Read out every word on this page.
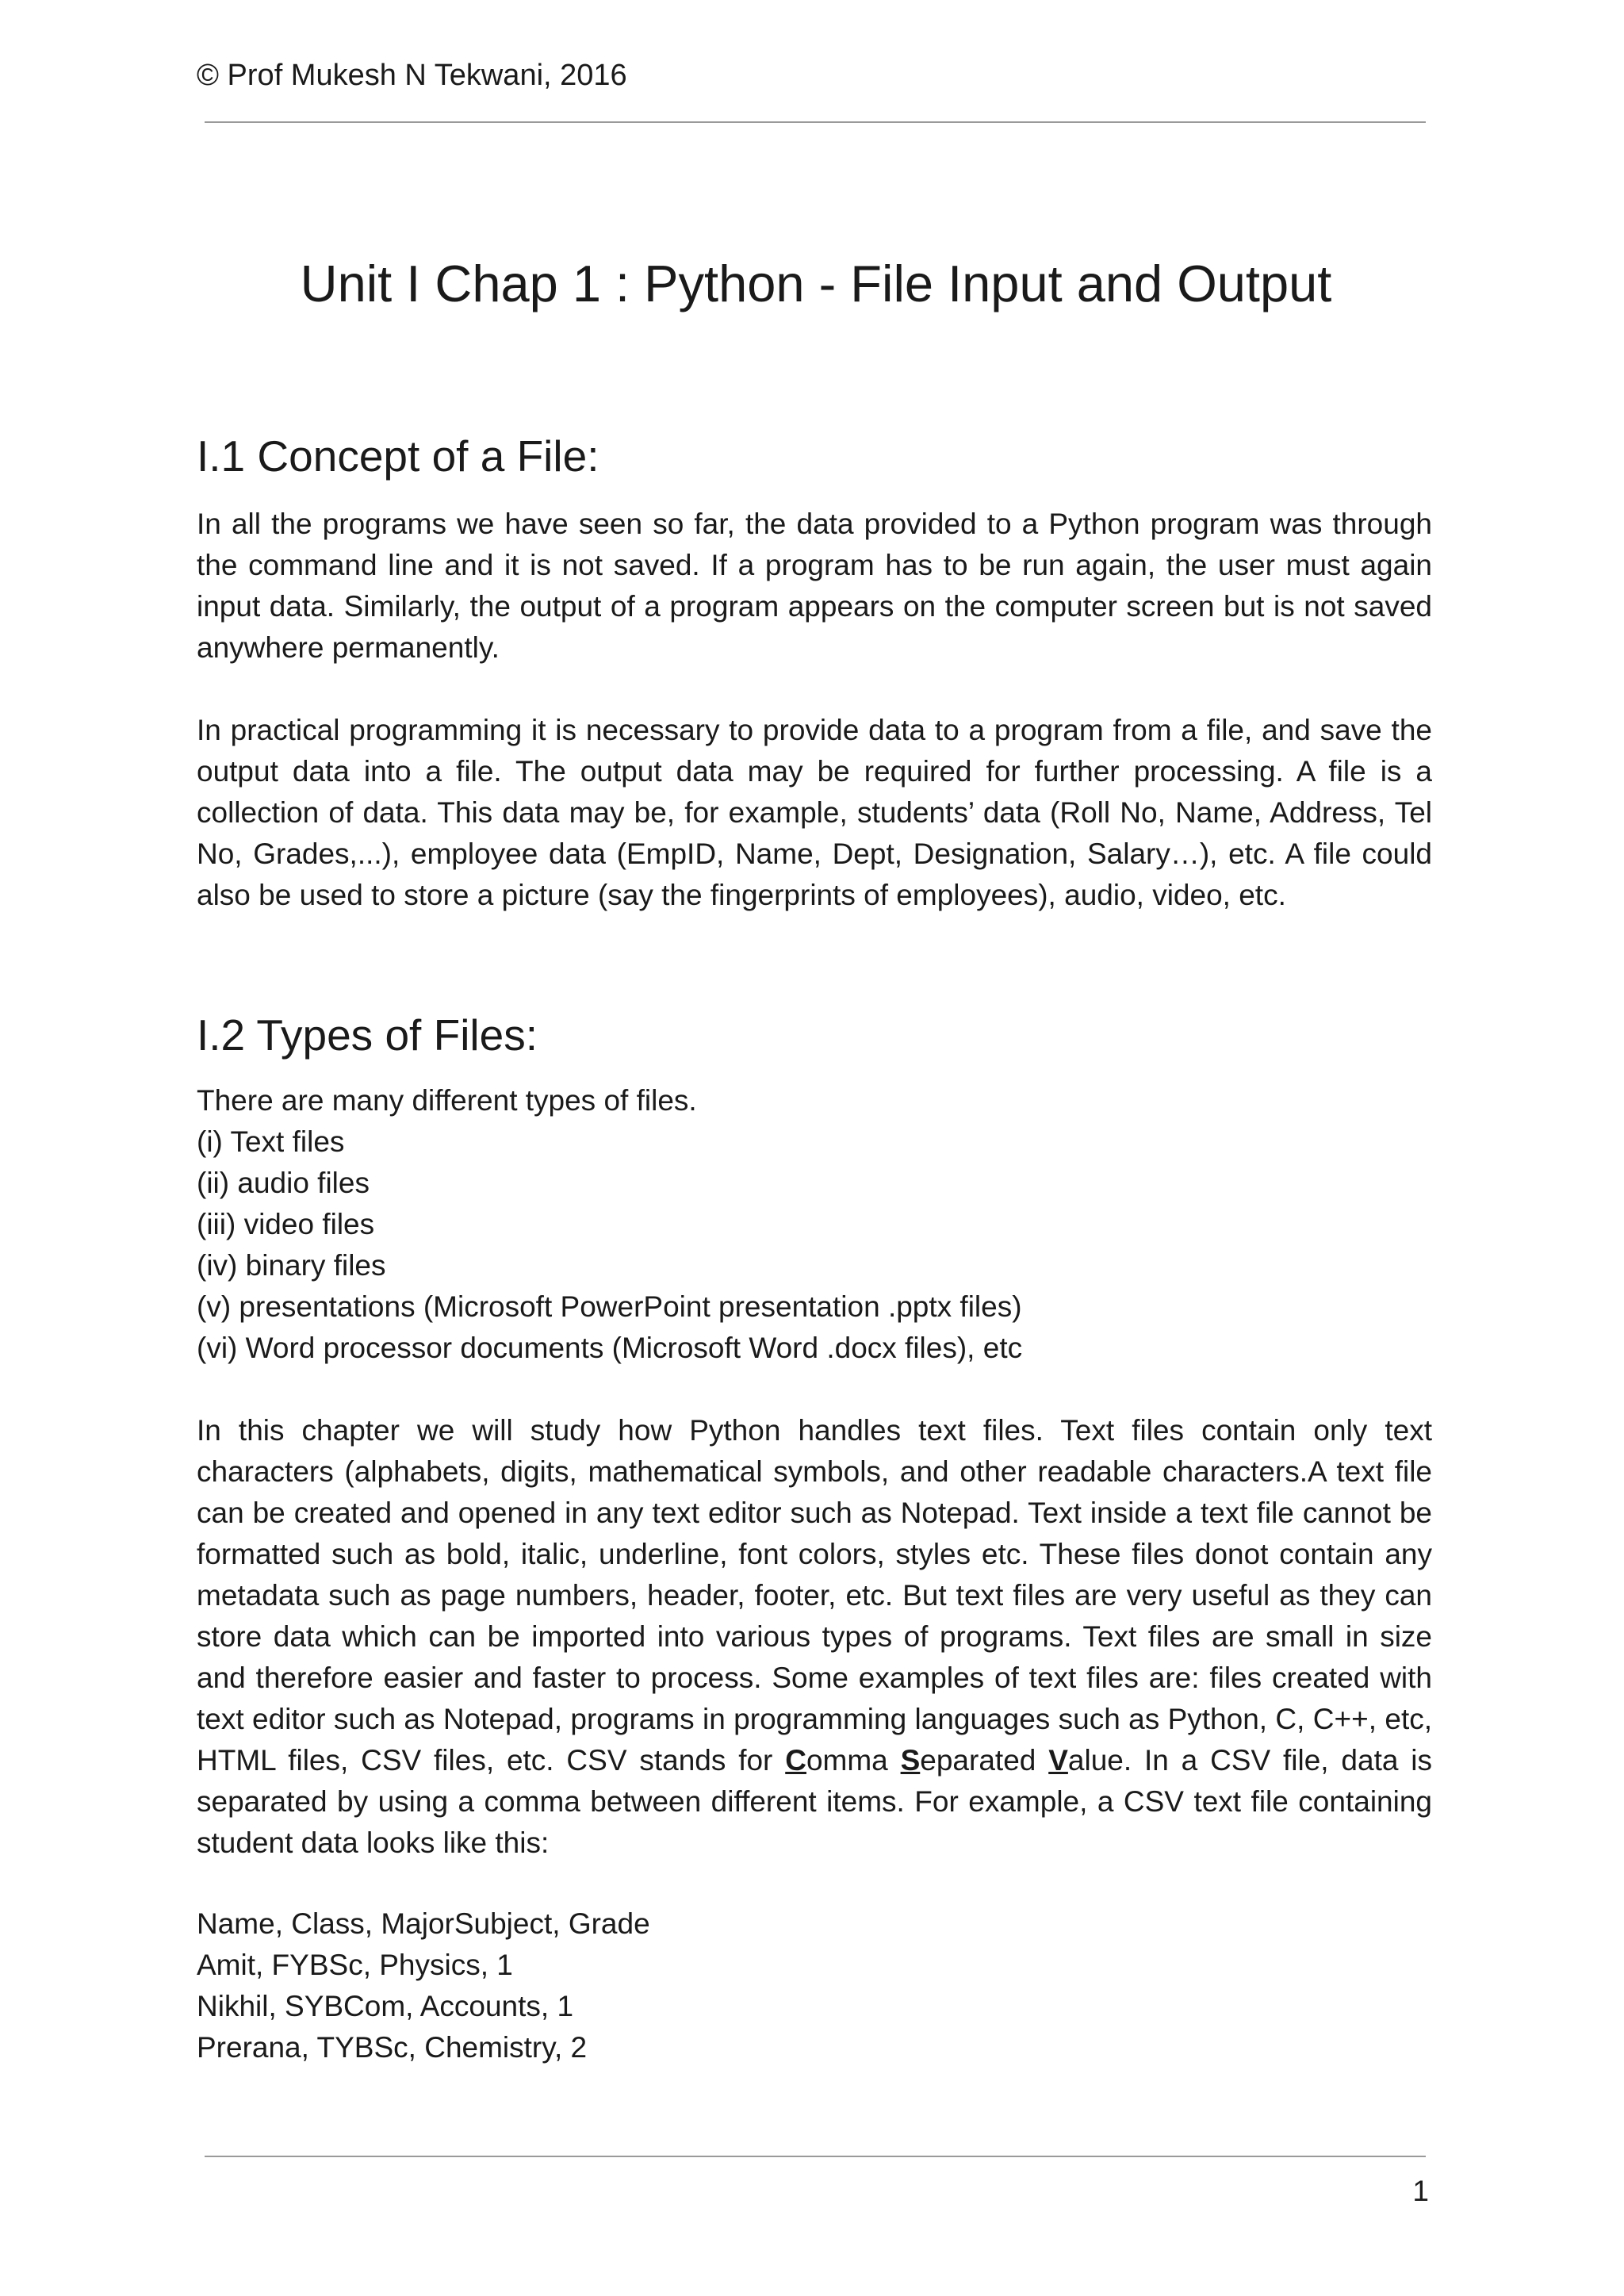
© Prof Mukesh N Tekwani, 2016

Unit I Chap 1 : Python - File Input and Output
I.1 Concept of a File:

In all the programs we have seen so far, the data provided to a Python program was through the command line and it is not saved. If a program has to be run again, the user must again input data. Similarly, the output of a program appears on the computer screen but is not saved anywhere permanently.

In practical programming it is necessary to provide data to a program from a file, and save the output data into a file. The output data may be required for further processing. A file is a collection of data. This data may be, for example, students’ data (Roll No, Name, Address, Tel No, Grades,...), employee data (EmpID, Name, Dept, Designation, Salary…), etc. A file could also be used to store a picture (say the fingerprints of employees), audio, video, etc.

I.2 Types of Files:

There are many different types of files.

(i) Text files
(ii) audio files
(iii) video files
(iv) binary files
(v) presentations (Microsoft PowerPoint presentation .pptx files)
(vi) Word processor documents (Microsoft Word .docx files), etc

In this chapter we will study how Python handles text files. Text files contain only text characters (alphabets, digits, mathematical symbols, and other readable characters.A text file can be created and opened in any text editor such as Notepad. Text inside a text file cannot be formatted such as bold, italic, underline, font colors, styles etc. These files donot contain any metadata such as page numbers, header, footer, etc. But text files are very useful as they can store data which can be imported into various types of programs. Text files are small in size and therefore easier and faster to process. Some examples of text files are: files created with text editor such as Notepad, programs in programming languages such as Python, C, C++, etc, HTML files, CSV files, etc. CSV stands for Comma Separated Value. In a CSV file, data is separated by using a comma between different items. For example, a CSV text file containing student data looks like this:

Name, Class, MajorSubject, Grade
Amit, FYBSc, Physics, 1
Nikhil, SYBCom, Accounts, 1
Prerana, TYBSc, Chemistry, 2

1
